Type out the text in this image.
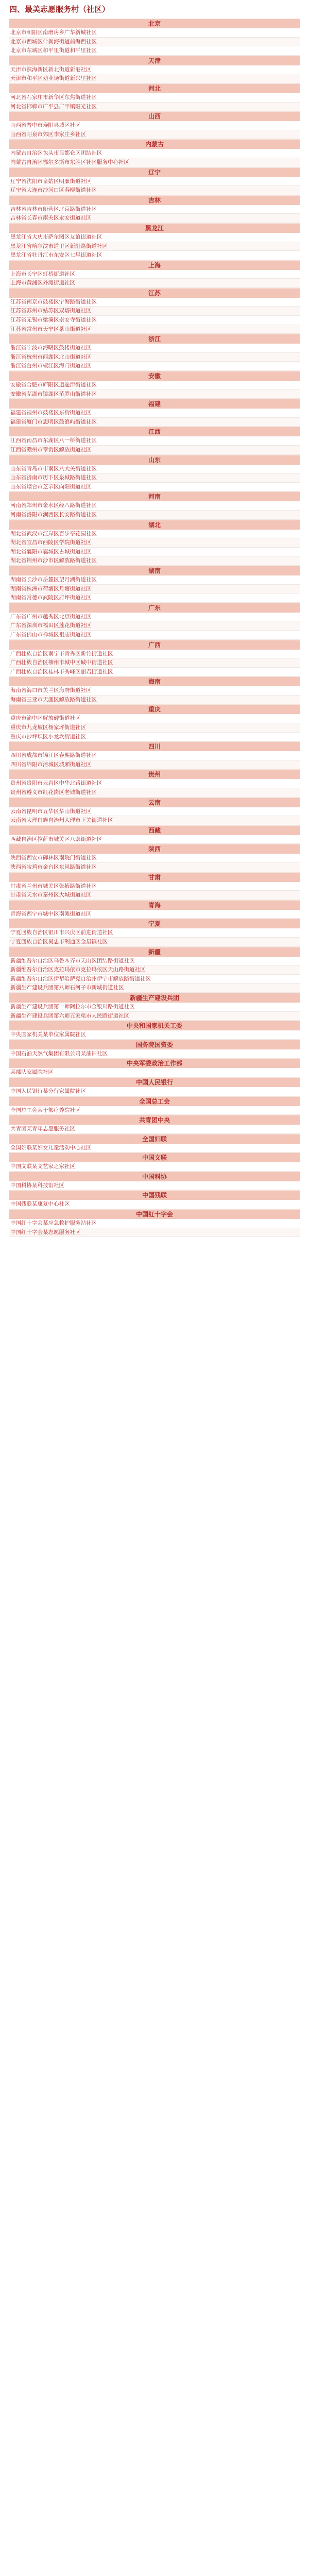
四、最美志愿服务村（社区）
北京
北京市朝阳区南磨房乡广华新城社区
北京市西城区什刹海街道前海西社区
北京市东城区和平里街道和平里社区
天津
天津市滨海新区新北街道新港社区
天津市和平区劝业场街道新兴里社区
河北
河北省石家庄市新华区东焦街道社区
河北省邯郸市广平县广平镇阳光社区
山西
山西省晋中市寿阳县城区社区
山西省阳泉市郊区李家庄乡社区
内蒙古
内蒙古自治区包头市昆都仑区团结社区
内蒙古自治区鄂尔多斯市东胜区社区服务中心社区
辽宁
辽宁省沈阳市皇姑区明廉街道社区
辽宁省大连市沙河口区春柳街道社区
吉林
吉林省吉林市船营区北京路街道社区
吉林省长春市南关区永安街道社区
黑龙江
黑龙江省大庆市萨尔图区友谊街道社区
黑龙江省哈尔滨市道里区新阳路街道社区
黑龙江省牡丹江市东安区七星街道社区
上海
上海市长宁区虹桥街道社区
上海市黄浦区外滩街道社区
江苏
江苏省南京市鼓楼区宁海路街道社区
江苏省苏州市姑苏区双塔街道社区
江苏省无锡市梁溪区崇安寺街道社区
江苏省常州市天宁区茶山街道社区
浙江
浙江省宁波市海曙区鼓楼街道社区
浙江省杭州市西湖区北山街道社区
浙江省台州市椒江区海门街道社区
安徽
安徽省合肥市庐阳区逍遥津街道社区
安徽省芜湖市镜湖区范罗山街道社区
福建
福建省福州市鼓楼区东街街道社区
福建省厦门市思明区鼓浪屿街道社区
江西
江西省南昌市东湖区八一桥街道社区
江西省赣州市章贡区解放街道社区
山东
山东省青岛市市南区八大关街道社区
山东省济南市历下区泉城路街道社区
山东省烟台市芝罘区向阳街道社区
河南
河南省郑州市金水区经八路街道社区
河南省洛阳市涧西区长安路街道社区
湖北
湖北省武汉市江岸区百步亭花园社区
湖北省宜昌市西陵区学院街道社区
湖北省襄阳市襄城区古城街道社区
湖北省荆州市沙市区解放路街道社区
湖南
湖南省长沙市岳麓区望月湖街道社区
湖南省株洲市荷塘区月塘街道社区
湖南省常德市武陵区府坪街道社区
广东
广东省广州市越秀区北京街道社区
广东省深圳市福田区莲花街道社区
广东省佛山市禅城区祖庙街道社区
广西
广西壮族自治区南宁市青秀区新竹街道社区
广西壮族自治区柳州市城中区城中街道社区
广西壮族自治区桂林市秀峰区丽君街道社区
海南
海南省海口市美兰区海府街道社区
海南省三亚市天涯区解放路街道社区
重庆
重庆市渝中区解放碑街道社区
重庆市九龙坡区杨家坪街道社区
重庆市沙坪坝区小龙坎街道社区
四川
四川省成都市锦江区春熙路街道社区
四川省绵阳市涪城区城厢街道社区
贵州
贵州省贵阳市云岩区中华北路街道社区
贵州省遵义市红花岗区老城街道社区
云南
云南省昆明市五华区华山街道社区
云南省大理白族自治州大理市下关街道社区
西藏
西藏自治区拉萨市城关区八廓街道社区
陕西
陕西省西安市碑林区南院门街道社区
陕西省宝鸡市金台区东风路街道社区
甘肃
甘肃省兰州市城关区张掖路街道社区
甘肃省天水市秦州区大城街道社区
青海
青海省西宁市城中区南滩街道社区
宁夏
宁夏回族自治区银川市兴庆区前进街道社区
宁夏回族自治区吴忠市利通区金星镇社区
新疆
新疆维吾尔自治区乌鲁木齐市天山区团结路街道社区
新疆维吾尔自治区克拉玛依市克拉玛依区天山路街道社区
新疆维吾尔自治区伊犁哈萨克自治州伊宁市解放路街道社区
新疆生产建设兵团第八师石河子市新城街道社区
新疆生产建设兵团
新疆生产建设兵团第一师阿拉尔市金银川路街道社区
新疆生产建设兵团第六师五家渠市人民路街道社区
中央和国家机关工委
中央国家机关某单位家属院社区
国务院国资委
中国石油天然气集团有限公司某油田社区
中央军委政治工作部
某部队家属院社区
中国人民银行
中国人民银行某分行家属院社区
全国总工会
全国总工会某干部疗养院社区
共青团中央
共青团某青年志愿服务社区
全国妇联
全国妇联某妇女儿童活动中心社区
中国文联
中国文联某文艺家之家社区
中国科协
中国科协某科技馆社区
中国残联
中国残联某康复中心社区
中国红十字会
中国红十字会某应急救护服务站社区
中国红十字会某志愿服务社区
